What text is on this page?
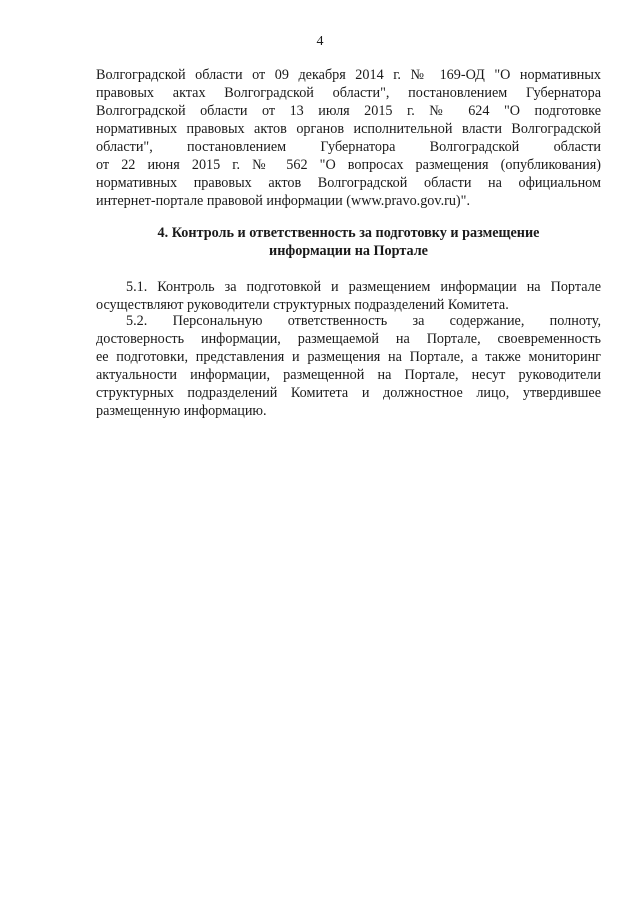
4
Волгоградской области от 09 декабря 2014 г. № 169-ОД "О нормативных
правовых актах Волгоградской области", постановлением Губернатора
Волгоградской области от 13 июля 2015 г. № 624 "О подготовке
нормативных правовых актов органов исполнительной власти Волгоградской
области", постановлением Губернатора Волгоградской области
от 22 июня 2015 г. № 562 "О вопросах размещения (опубликования)
нормативных правовых актов Волгоградской области на официальном
интернет-портале правовой информации (www.pravo.gov.ru)".
4. Контроль и ответственность за подготовку и размещение
информации на Портале
5.1. Контроль за подготовкой и размещением информации на Портале
осуществляют руководители структурных подразделений Комитета.
5.2. Персональную ответственность за содержание, полноту,
достоверность информации, размещаемой на Портале, своевременность
ее подготовки, представления и размещения на Портале, а также мониторинг
актуальности информации, размещенной на Портале, несут руководители
структурных подразделений Комитета и должностное лицо, утвердившее
размещенную информацию.
